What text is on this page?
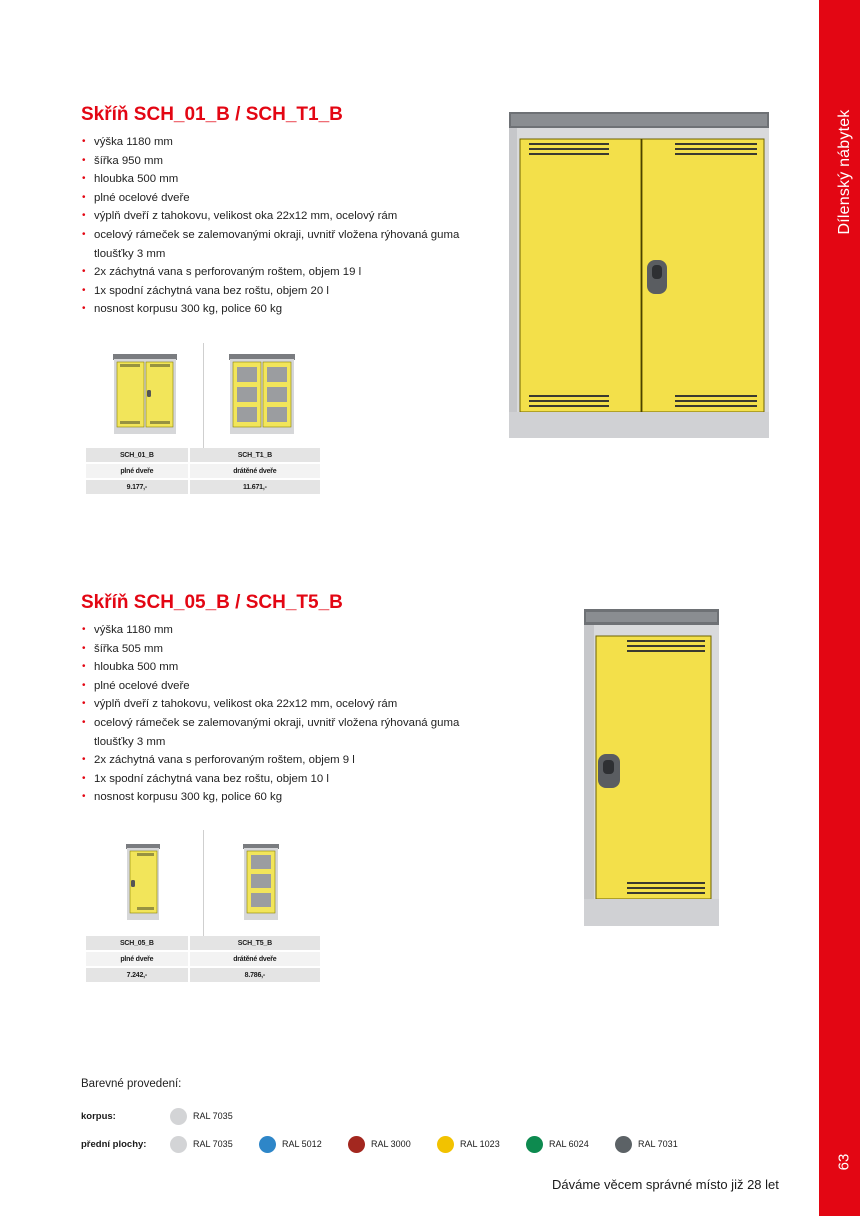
Dílenský nábytek
63
Skříň SCH_01_B / SCH_T1_B
• výška 1180 mm
• šířka 950 mm
• hloubka 500 mm
• plné ocelové dveře
• výplň dveří z tahokovu, velikost oka 22x12 mm, ocelový rám
• ocelový rámeček se zalemovanými okraji, uvnitř vložena rýhovaná guma tloušťky 3 mm
• 2x záchytná vana s perforovaným roštem, objem 19 l
• 1x spodní záchytná vana bez roštu, objem 20 l
• nosnost korpusu 300 kg, police 60 kg
SCH_01_B	SCH_T1_B
plné dveře	drátěné dveře
9.177,-	11.671,-
Skříň SCH_05_B / SCH_T5_B
• výška 1180 mm
• šířka 505 mm
• hloubka 500 mm
• plné ocelové dveře
• výplň dveří z tahokovu, velikost oka 22x12 mm, ocelový rám
• ocelový rámeček se zalemovanými okraji, uvnitř vložena rýhovaná guma tloušťky 3 mm
• 2x záchytná vana s perforovaným roštem, objem 9 l
• 1x spodní záchytná vana bez roštu, objem 10 l
• nosnost korpusu 300 kg, police 60 kg
SCH_05_B	SCH_T5_B
plné dveře	drátěné dveře
7.242,-	8.786,-
Barevné provedení:
korpus:	RAL 7035
přední plochy:	RAL 7035	RAL 5012	RAL 3000	RAL 1023	RAL 6024	RAL 7031
Dáváme věcem správné místo již 28 let
